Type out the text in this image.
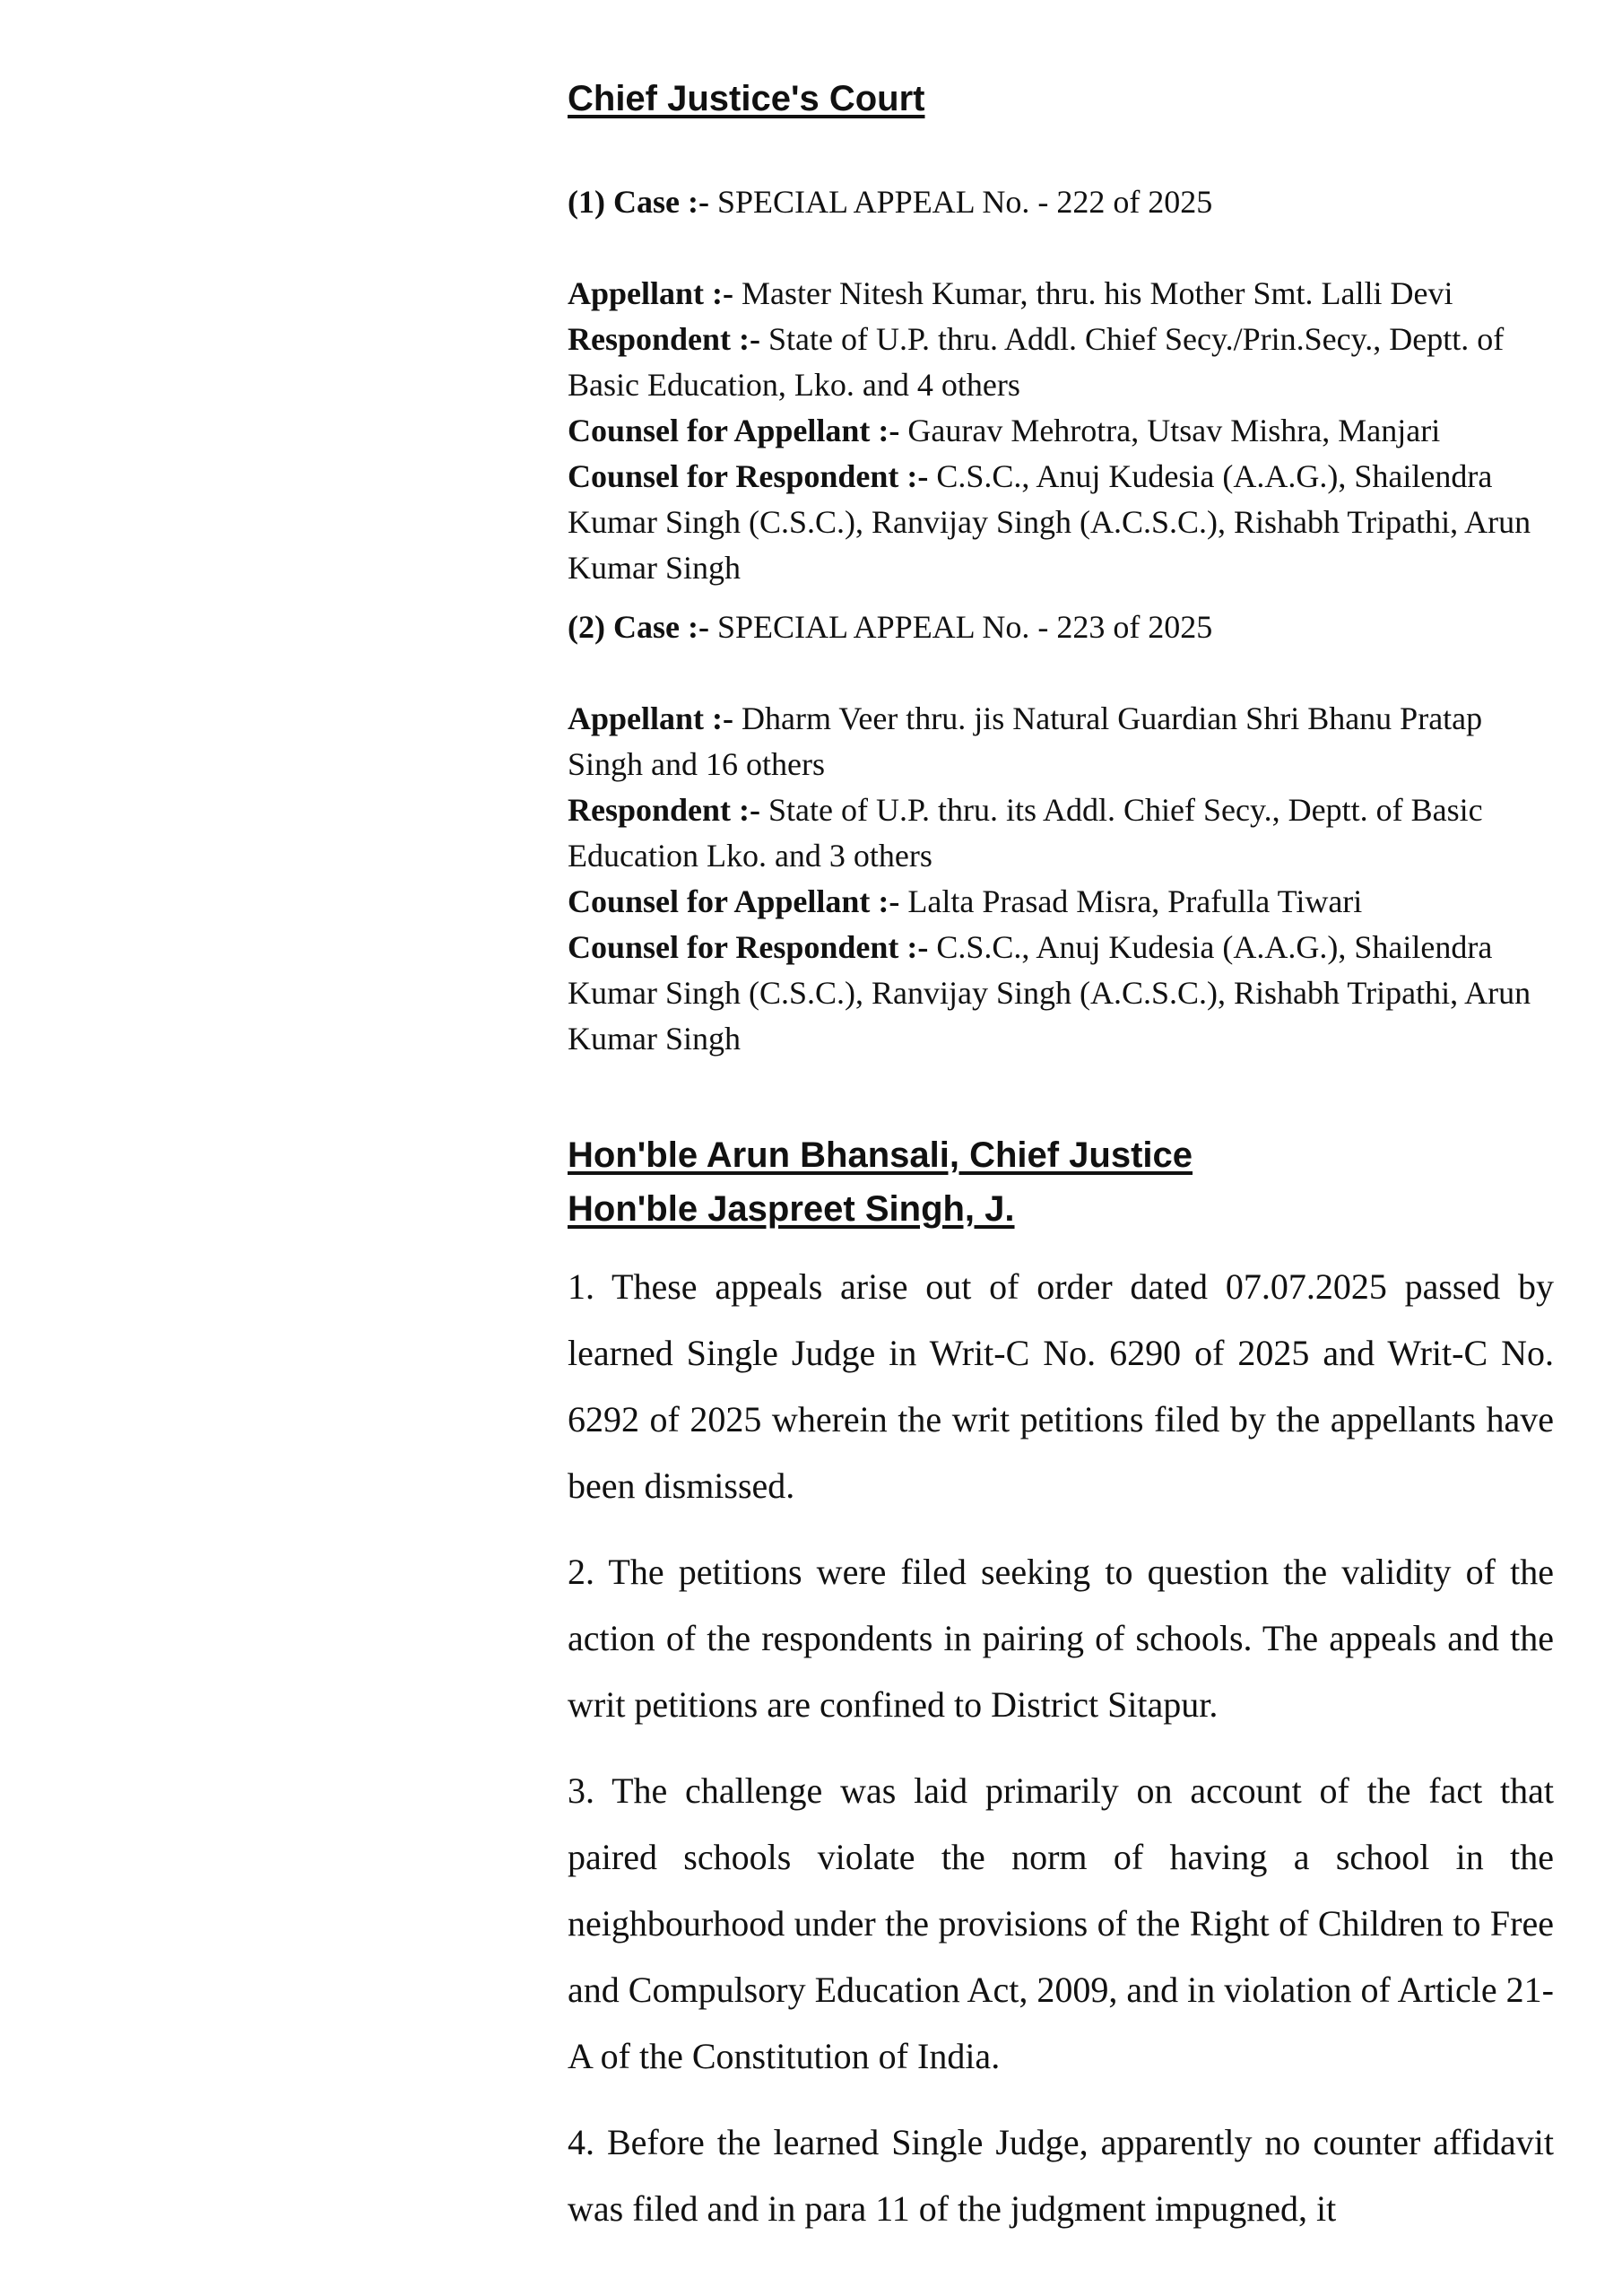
Chief Justice's Court
(1) Case :- SPECIAL APPEAL No. - 222 of 2025

Appellant :- Master Nitesh Kumar, thru. his Mother Smt. Lalli Devi

Respondent :- State of U.P. thru. Addl. Chief Secy./Prin.Secy., Deptt. of Basic Education, Lko. and 4 others

Counsel for Appellant :- Gaurav Mehrotra, Utsav Mishra, Manjari

Counsel for Respondent :- C.S.C., Anuj Kudesia (A.A.G.), Shailendra Kumar Singh (C.S.C.), Ranvijay Singh (A.C.S.C.), Rishabh Tripathi, Arun Kumar Singh

(2) Case :- SPECIAL APPEAL No. - 223 of 2025

Appellant :- Dharm Veer thru. jis Natural Guardian Shri Bhanu Pratap Singh and 16 others

Respondent :- State of U.P. thru. its Addl. Chief Secy., Deptt. of Basic Education Lko. and 3 others

Counsel for Appellant :- Lalta Prasad Misra, Prafulla Tiwari

Counsel for Respondent :- C.S.C., Anuj Kudesia (A.A.G.), Shailendra Kumar Singh (C.S.C.), Ranvijay Singh (A.C.S.C.), Rishabh Tripathi, Arun Kumar Singh

Hon'ble Arun Bhansali, Chief Justice
Hon'ble Jaspreet Singh, J.

1. These appeals arise out of order dated 07.07.2025 passed by learned Single Judge in Writ-C No. 6290 of 2025 and Writ-C No. 6292 of 2025 wherein the writ petitions filed by the appellants have been dismissed.

2. The petitions were filed seeking to question the validity of the action of the respondents in pairing of schools. The appeals and the writ petitions are confined to District Sitapur.

3. The challenge was laid primarily on account of the fact that paired schools violate the norm of having a school in the neighbourhood under the provisions of the Right of Children to Free and Compulsory Education Act, 2009, and in violation of Article 21-A of the Constitution of India.

4. Before the learned Single Judge, apparently no counter affidavit was filed and in para 11 of the judgment impugned, it
